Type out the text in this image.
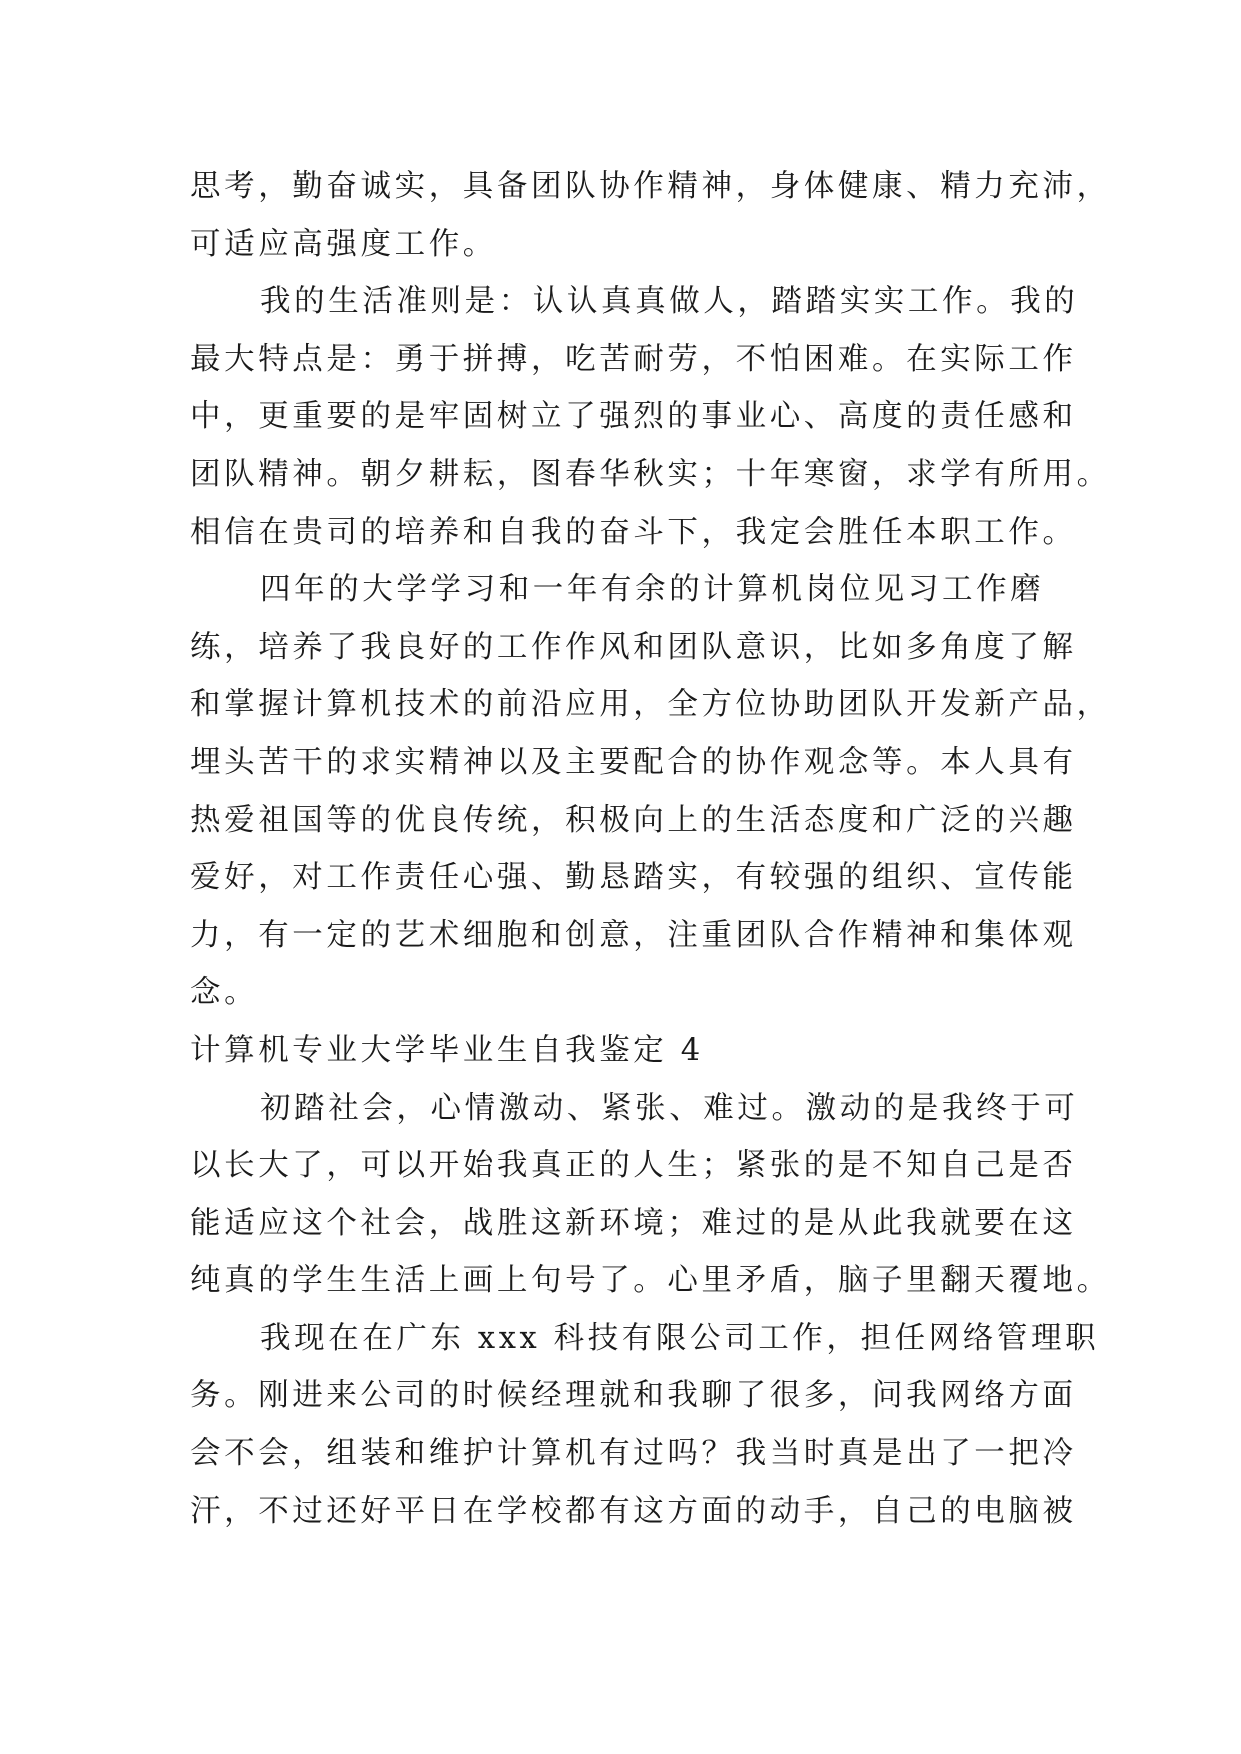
思考，勤奋诚实，具备团队协作精神，身体健康、精力充沛，
可适应高强度工作。
我的生活准则是：认认真真做人，踏踏实实工作。我的
最大特点是：勇于拼搏，吃苦耐劳，不怕困难。在实际工作
中，更重要的是牢固树立了强烈的事业心、高度的责任感和
团队精神。朝夕耕耘，图春华秋实；十年寒窗，求学有所用。
相信在贵司的培养和自我的奋斗下，我定会胜任本职工作。
四年的大学学习和一年有余的计算机岗位见习工作磨
练，培养了我良好的工作作风和团队意识，比如多角度了解
和掌握计算机技术的前沿应用，全方位协助团队开发新产品，
埋头苦干的求实精神以及主要配合的协作观念等。本人具有
热爱祖国等的优良传统，积极向上的生活态度和广泛的兴趣
爱好，对工作责任心强、勤恳踏实，有较强的组织、宣传能
力，有一定的艺术细胞和创意，注重团队合作精神和集体观
念。
计算机专业大学毕业生自我鉴定 4
初踏社会，心情激动、紧张、难过。激动的是我终于可
以长大了，可以开始我真正的人生；紧张的是不知自己是否
能适应这个社会，战胜这新环境；难过的是从此我就要在这
纯真的学生生活上画上句号了。心里矛盾，脑子里翻天覆地。
我现在在广东 xxx 科技有限公司工作，担任网络管理职
务。刚进来公司的时候经理就和我聊了很多，问我网络方面
会不会，组装和维护计算机有过吗？我当时真是出了一把冷
汗，不过还好平日在学校都有这方面的动手，自己的电脑被
